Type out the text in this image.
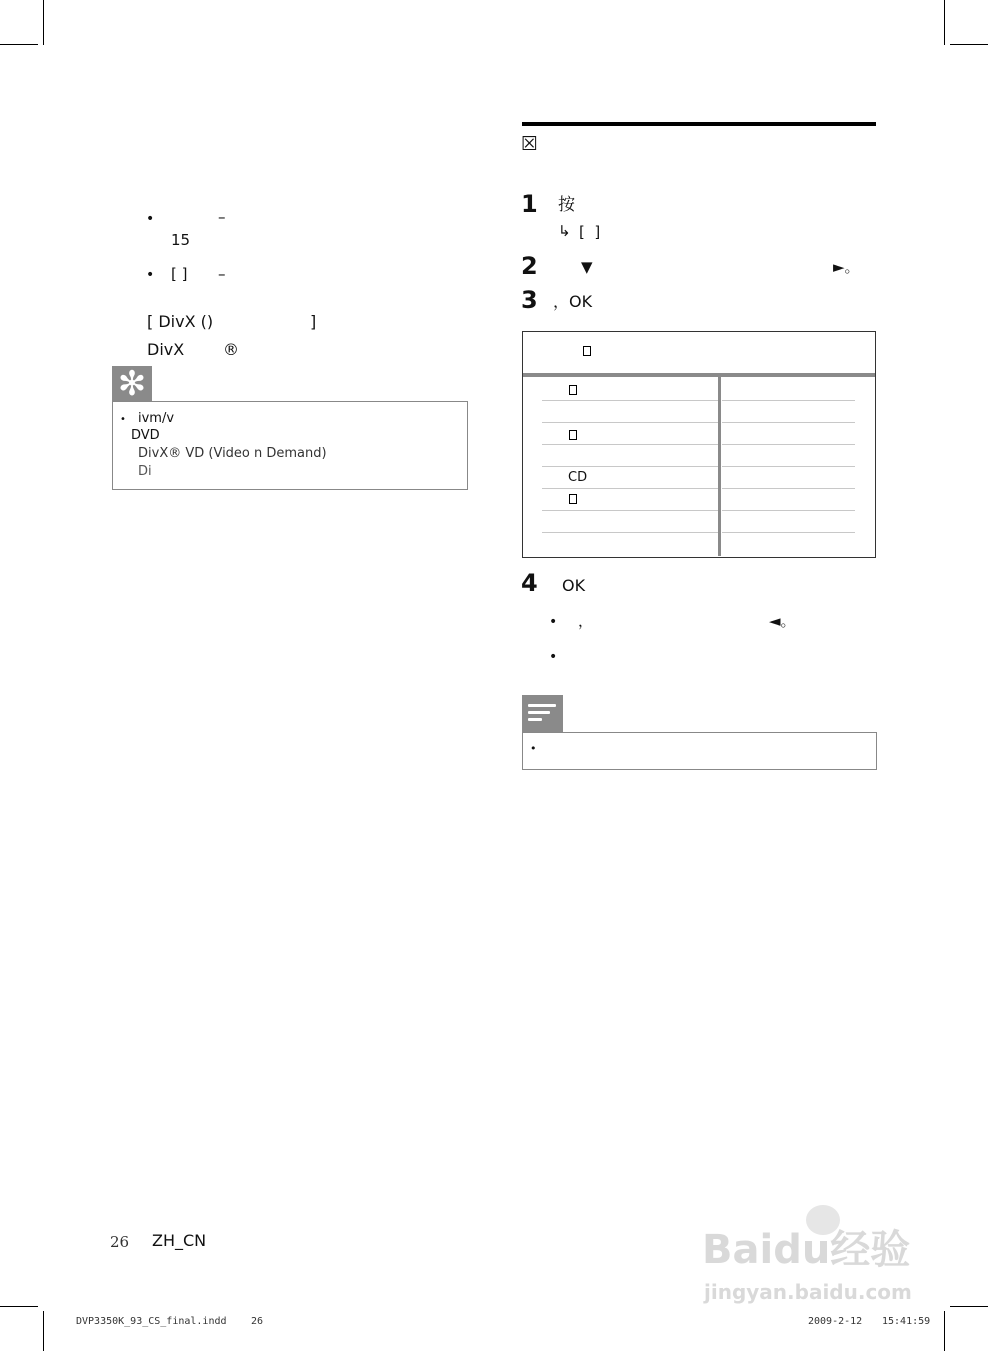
•	–
15
• [ ] –
[ DivX ()	]
DivX ®
✻
• ivm/v
DVD
DivX® VD (Video n Demand)
Di
☒
1 按
↳ [  ]
2	▼	►。
3 ，OK
CD
4 OK
• ，	◄。
•
•
26 ZH_CN
DVP3350K_93_CS_final.indd 26	2009-2-12 15:41:59
Baidu经验
jingyan.baidu.com
